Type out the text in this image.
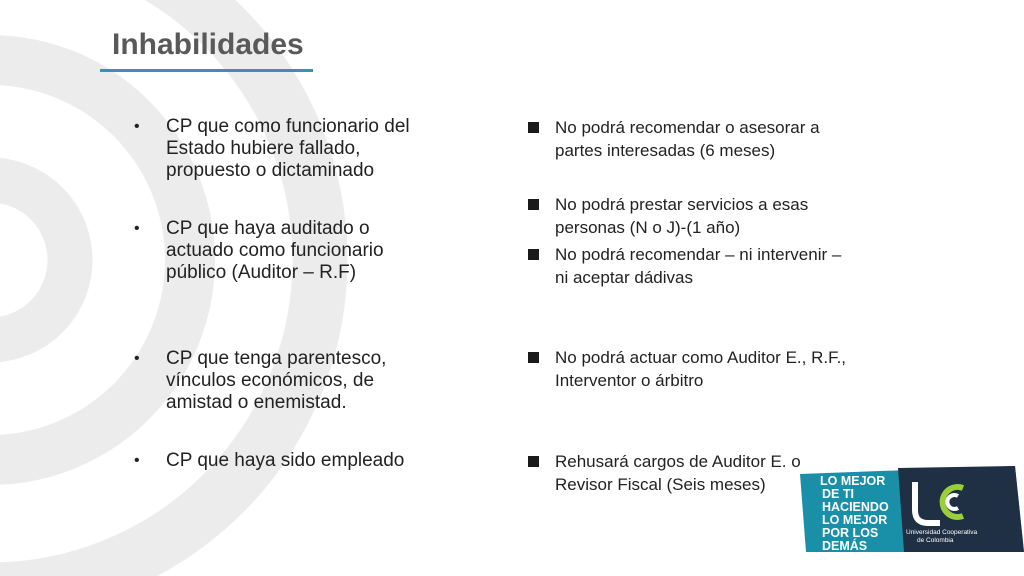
Inhabilidades
• CP que como funcionario del Estado hubiere fallado, propuesto o dictaminado
• CP que haya auditado o actuado como funcionario público (Auditor – R.F)
• CP que tenga parentesco, vínculos económicos, de amistad o enemistad.
• CP que haya sido empleado
No podrá recomendar o asesorar a partes interesadas (6 meses)
No podrá prestar servicios a esas personas (N o J)-(1 año)
No podrá recomendar – ni intervenir – ni aceptar dádivas
No podrá actuar como Auditor E., R.F., Interventor o árbitro
Rehusará cargos de Auditor E. o Revisor Fiscal (Seis meses)	LO MEJOR
DE TI
HACIENDO
LO MEJOR
POR LOS
DEMÁS
Universidad Cooperativa
de Colombia
